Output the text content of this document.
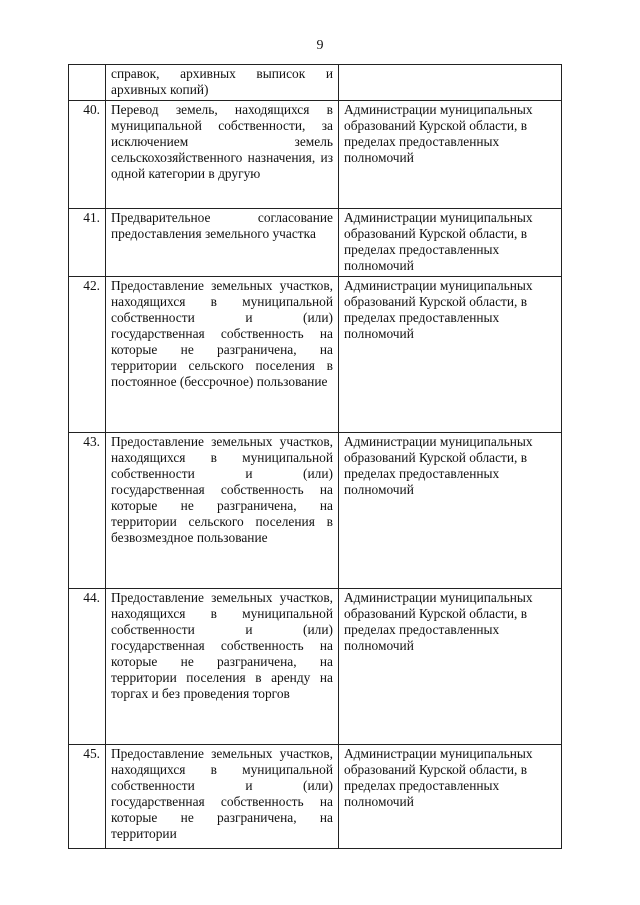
9
	справок, архивных выписок и архивных копий)	
40.	Перевод земель, находящихся в муниципальной собственности, за исключением земель сельскохозяйственного назначения, из одной категории в другую	Администрации муниципальных образований Курской области, в пределах предоставленных полномочий
41.	Предварительное согласование предоставления земельного участка	Администрации муниципальных образований Курской области, в пределах предоставленных полномочий
42.	Предоставление земельных участков, находящихся в муниципальной собственности и (или) государственная собственность на которые не разграничена, на территории сельского поселения в постоянное (бессрочное) пользование	Администрации муниципальных образований Курской области, в пределах предоставленных полномочий
43.	Предоставление земельных участков, находящихся в муниципальной собственности и (или) государственная собственность на которые не разграничена, на территории сельского поселения в безвозмездное пользование	Администрации муниципальных образований Курской области, в пределах предоставленных полномочий
44.	Предоставление земельных участков, находящихся в муниципальной собственности и (или) государственная собственность на которые не разграничена, на территории поселения в аренду на торгах и без проведения торгов	Администрации муниципальных образований Курской области, в пределах предоставленных полномочий
45.	Предоставление земельных участков, находящихся в муниципальной собственности и (или) государственная собственность на которые не разграничена, на территории	Администрации муниципальных образований Курской области, в пределах предоставленных полномочий
